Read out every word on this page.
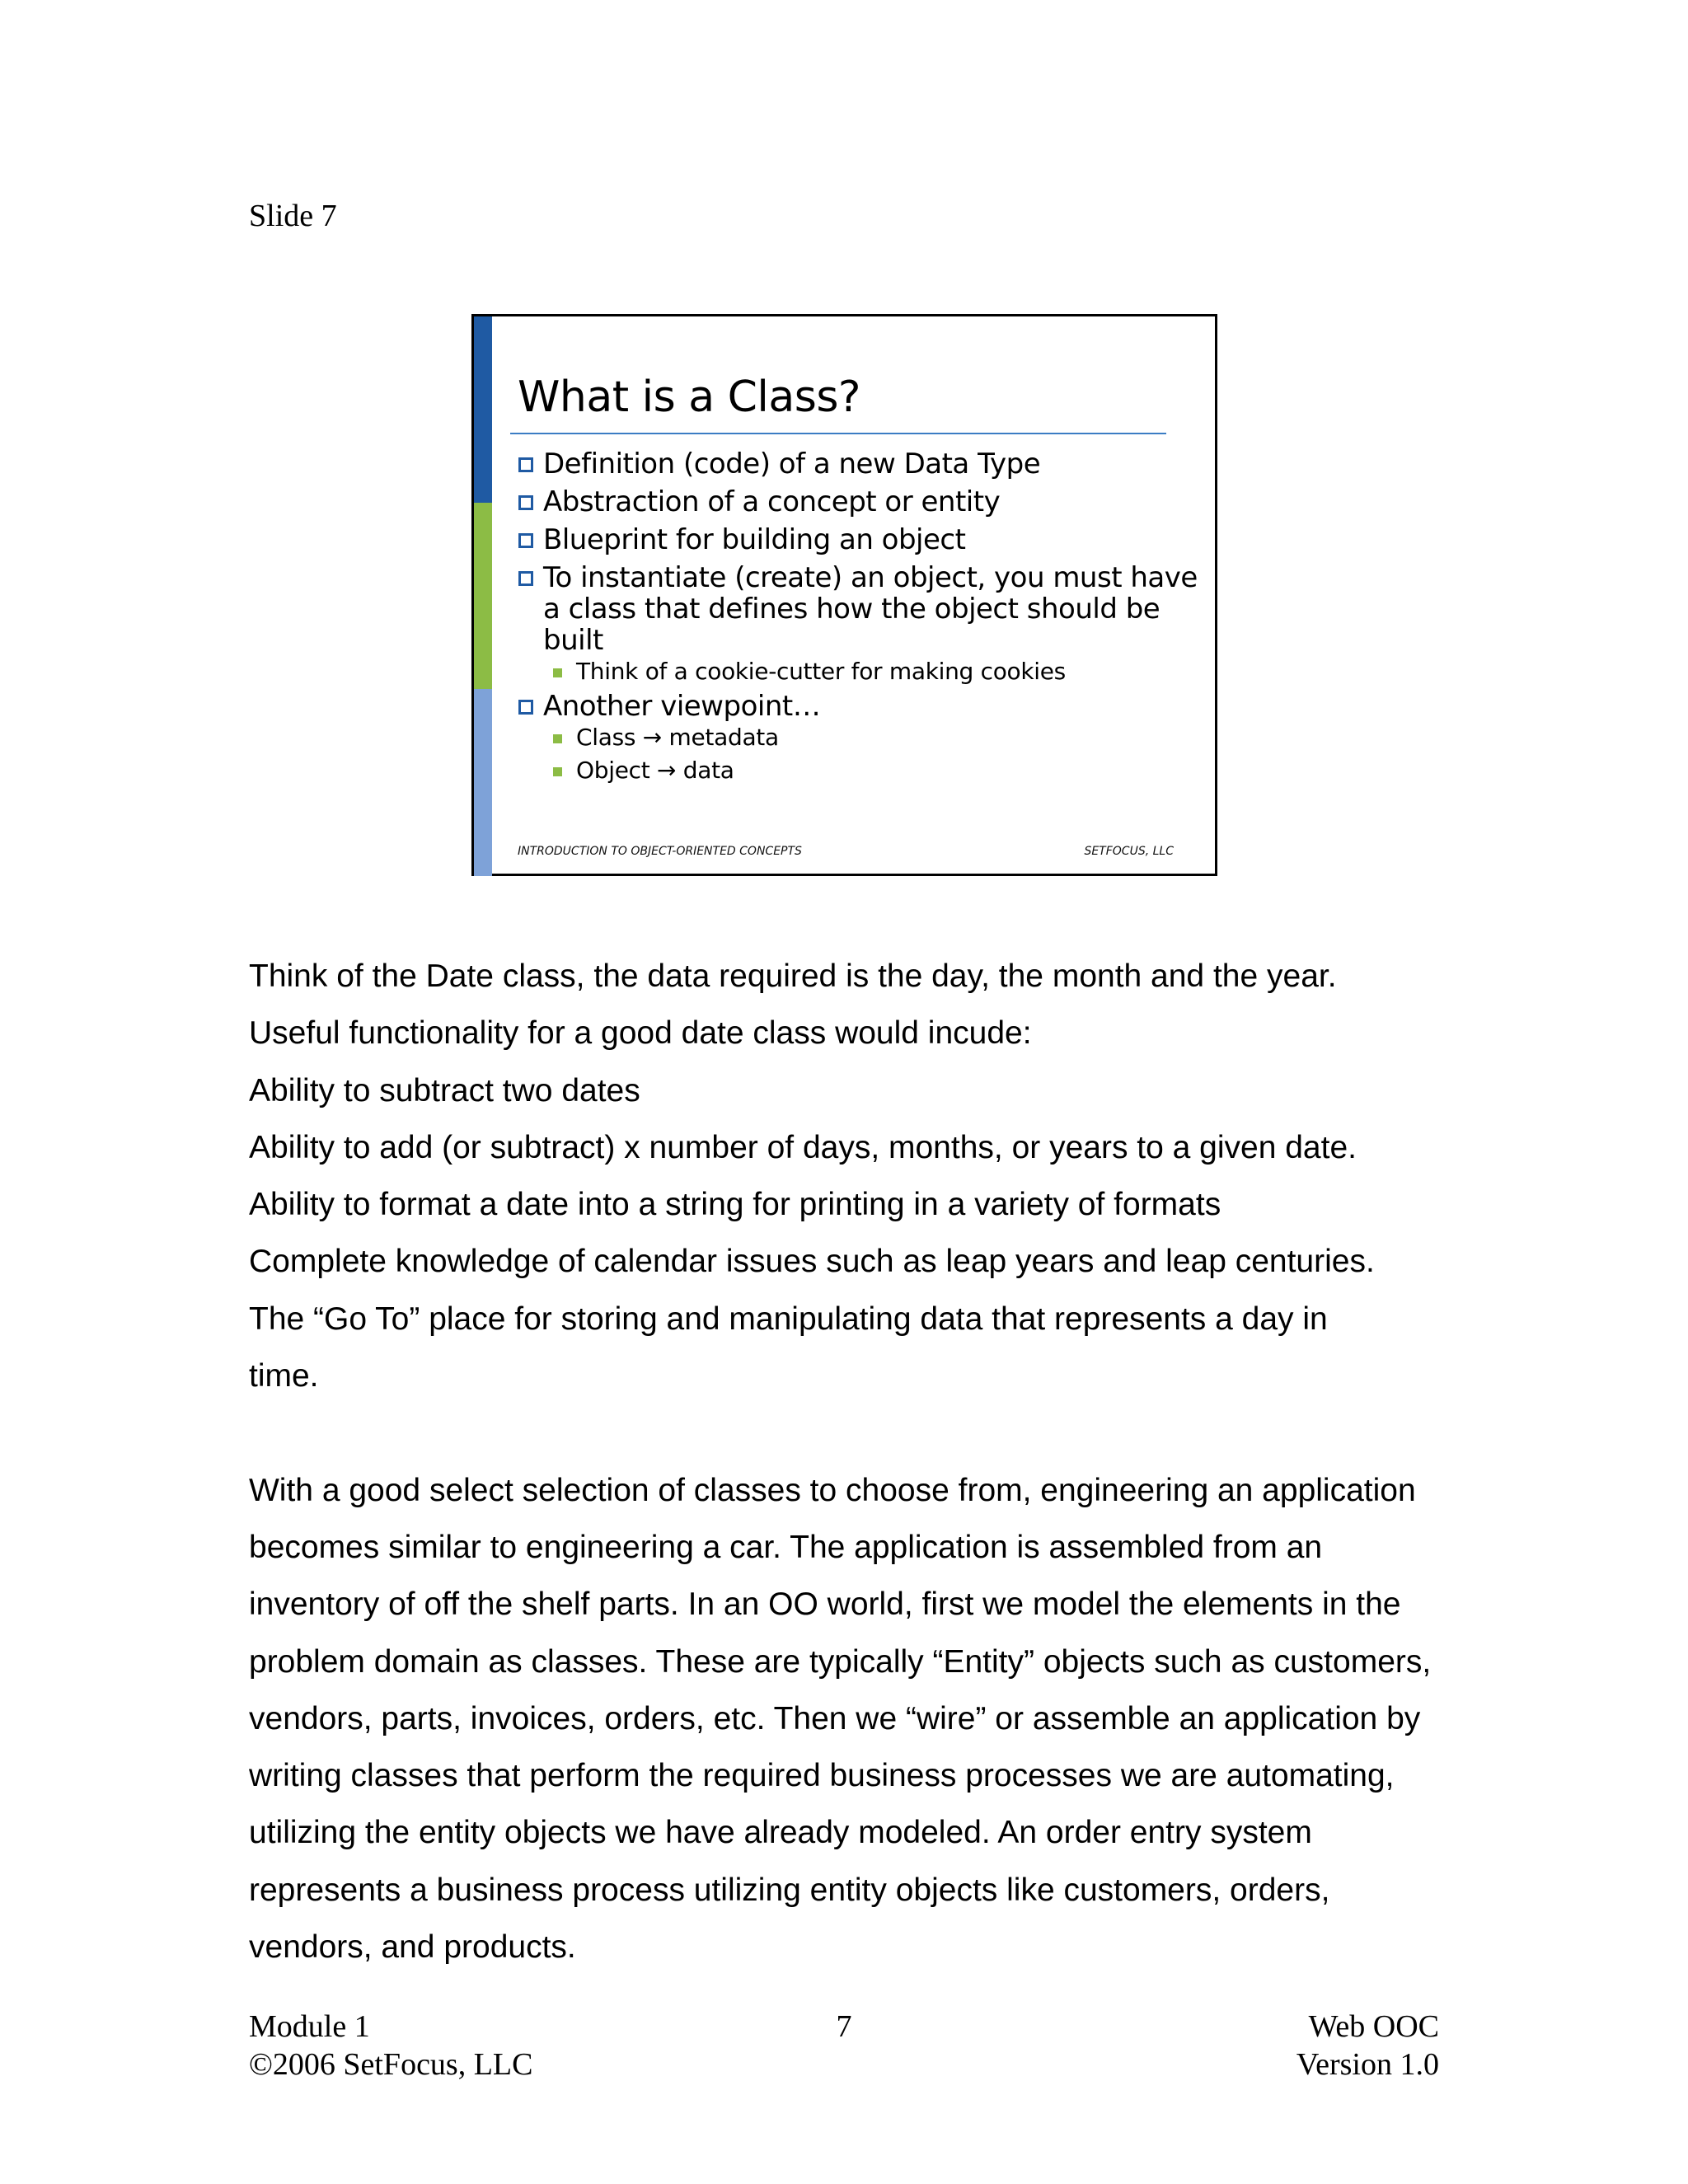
Slide 7
What is a Class?
Definition (code) of a new Data Type
Abstraction of a concept or entity
Blueprint for building an object
To instantiate (create) an object, you must have a class that defines how the object should be built
Think of a cookie-cutter for making cookies
Another viewpoint…
Class → metadata
Object → data
INTRODUCTION TO OBJECT-ORIENTED CONCEPTS	SETFOCUS, LLC

Think of the Date class, the data required is the day, the month and the year.

Useful functionality for a good date class would incude:

Ability to subtract two dates

Ability to add (or subtract) x number of days, months, or years to a given date.

Ability to format a date into a string for printing in a variety of formats

Complete knowledge of calendar issues such as leap years and leap centuries.

The “Go To” place for storing and manipulating data that represents a day in time.

With a good select selection of classes to choose from, engineering an application becomes similar to engineering a car. The application is assembled from an inventory of off the shelf parts. In an OO world, first we model the elements in the problem domain as classes. These are typically “Entity” objects such as customers, vendors, parts, invoices, orders, etc. Then we “wire” or assemble an application by writing classes that perform the required business processes we are automating, utilizing the entity objects we have already modeled. An order entry system represents a business process utilizing entity objects like customers, orders, vendors, and products.

Module 1
©2006 SetFocus, LLC
7	Web OOC
Version 1.0
